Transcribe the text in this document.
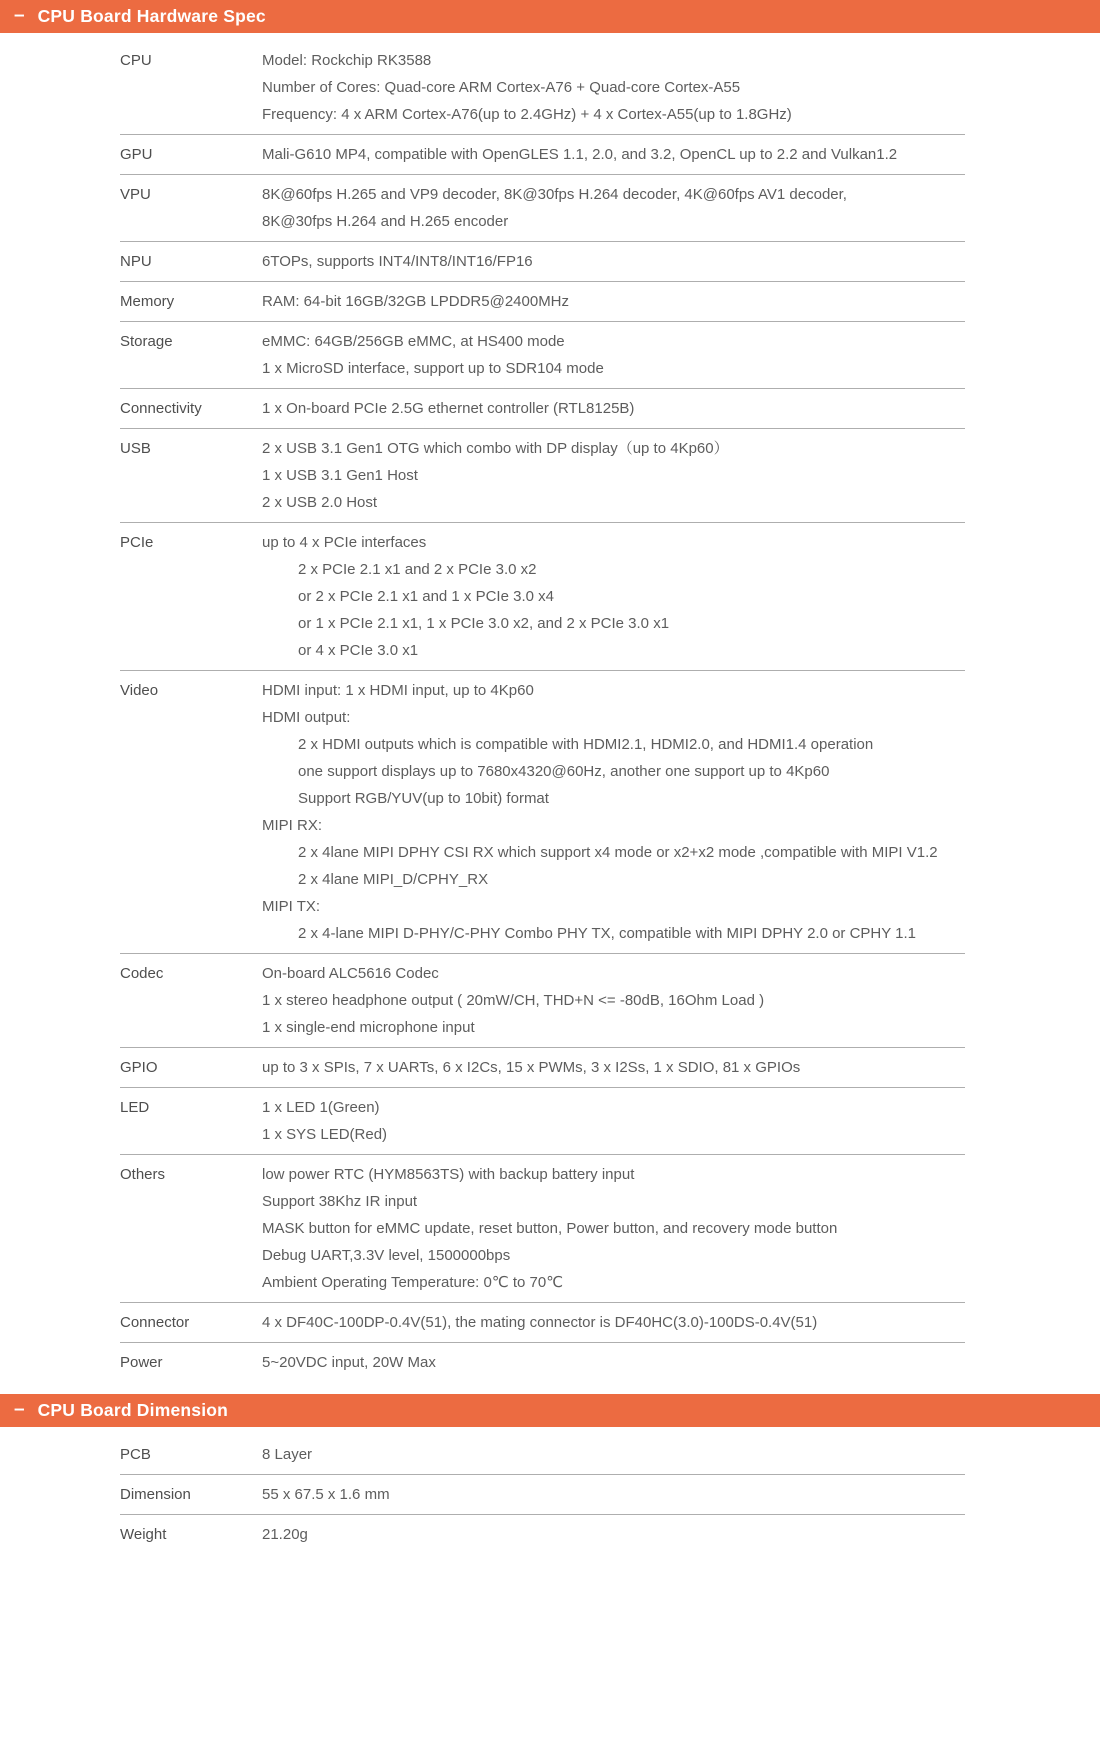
– CPU Board Hardware Spec
CPU	Model: Rockchip RK3588
Number of Cores: Quad-core ARM Cortex-A76 + Quad-core Cortex-A55
Frequency: 4 x ARM Cortex-A76(up to 2.4GHz) + 4 x Cortex-A55(up to 1.8GHz)
GPU	Mali-G610 MP4, compatible with OpenGLES 1.1, 2.0, and 3.2, OpenCL up to 2.2 and Vulkan1.2
VPU	8K@60fps H.265 and VP9 decoder, 8K@30fps H.264 decoder, 4K@60fps AV1 decoder,
8K@30fps H.264 and H.265 encoder
NPU	6TOPs, supports INT4/INT8/INT16/FP16
Memory	RAM: 64-bit 16GB/32GB LPDDR5@2400MHz
Storage	eMMC: 64GB/256GB eMMC, at HS400 mode
1 x MicroSD interface, support up to SDR104 mode
Connectivity	1 x On-board PCIe 2.5G ethernet controller (RTL8125B)
USB	2 x USB 3.1 Gen1 OTG which combo with DP display（up to 4Kp60）
1 x USB 3.1 Gen1 Host
2 x USB 2.0 Host
PCIe	up to 4 x PCIe interfaces
2 x PCIe 2.1 x1 and 2 x PCIe 3.0 x2
or 2 x PCIe 2.1 x1 and 1 x PCIe 3.0 x4
or 1 x PCIe 2.1 x1, 1 x PCIe 3.0 x2, and 2 x PCIe 3.0 x1
or 4 x PCIe 3.0 x1
Video	HDMI input: 1 x HDMI input, up to 4Kp60
HDMI output:
2 x HDMI outputs which is compatible with HDMI2.1, HDMI2.0, and HDMI1.4 operation
one support displays up to 7680x4320@60Hz, another one support up to 4Kp60
Support RGB/YUV(up to 10bit) format
MIPI RX:
2 x 4lane MIPI DPHY CSI RX which support x4 mode or x2+x2 mode ,compatible with MIPI V1.2
2 x 4lane MIPI_D/CPHY_RX
MIPI TX:
2 x 4-lane MIPI D-PHY/C-PHY Combo PHY TX, compatible with MIPI DPHY 2.0 or CPHY 1.1
Codec	On-board ALC5616 Codec
1 x stereo headphone output ( 20mW/CH, THD+N <= -80dB, 16Ohm Load )
1 x single-end microphone input
GPIO	up to 3 x SPIs, 7 x UARTs, 6 x I2Cs, 15 x PWMs, 3 x I2Ss, 1 x SDIO, 81 x GPIOs
LED	1 x LED 1(Green)
1 x SYS LED(Red)
Others	low power RTC (HYM8563TS) with backup battery input
Support 38Khz IR input
MASK button for eMMC update, reset button, Power button, and recovery mode button
Debug UART,3.3V level, 1500000bps
Ambient Operating Temperature: 0℃ to 70℃
Connector	4 x DF40C-100DP-0.4V(51), the mating connector is DF40HC(3.0)-100DS-0.4V(51)
Power	5~20VDC input, 20W Max
– CPU Board Dimension
PCB	8 Layer
Dimension	55 x 67.5 x 1.6 mm
Weight	21.20g
